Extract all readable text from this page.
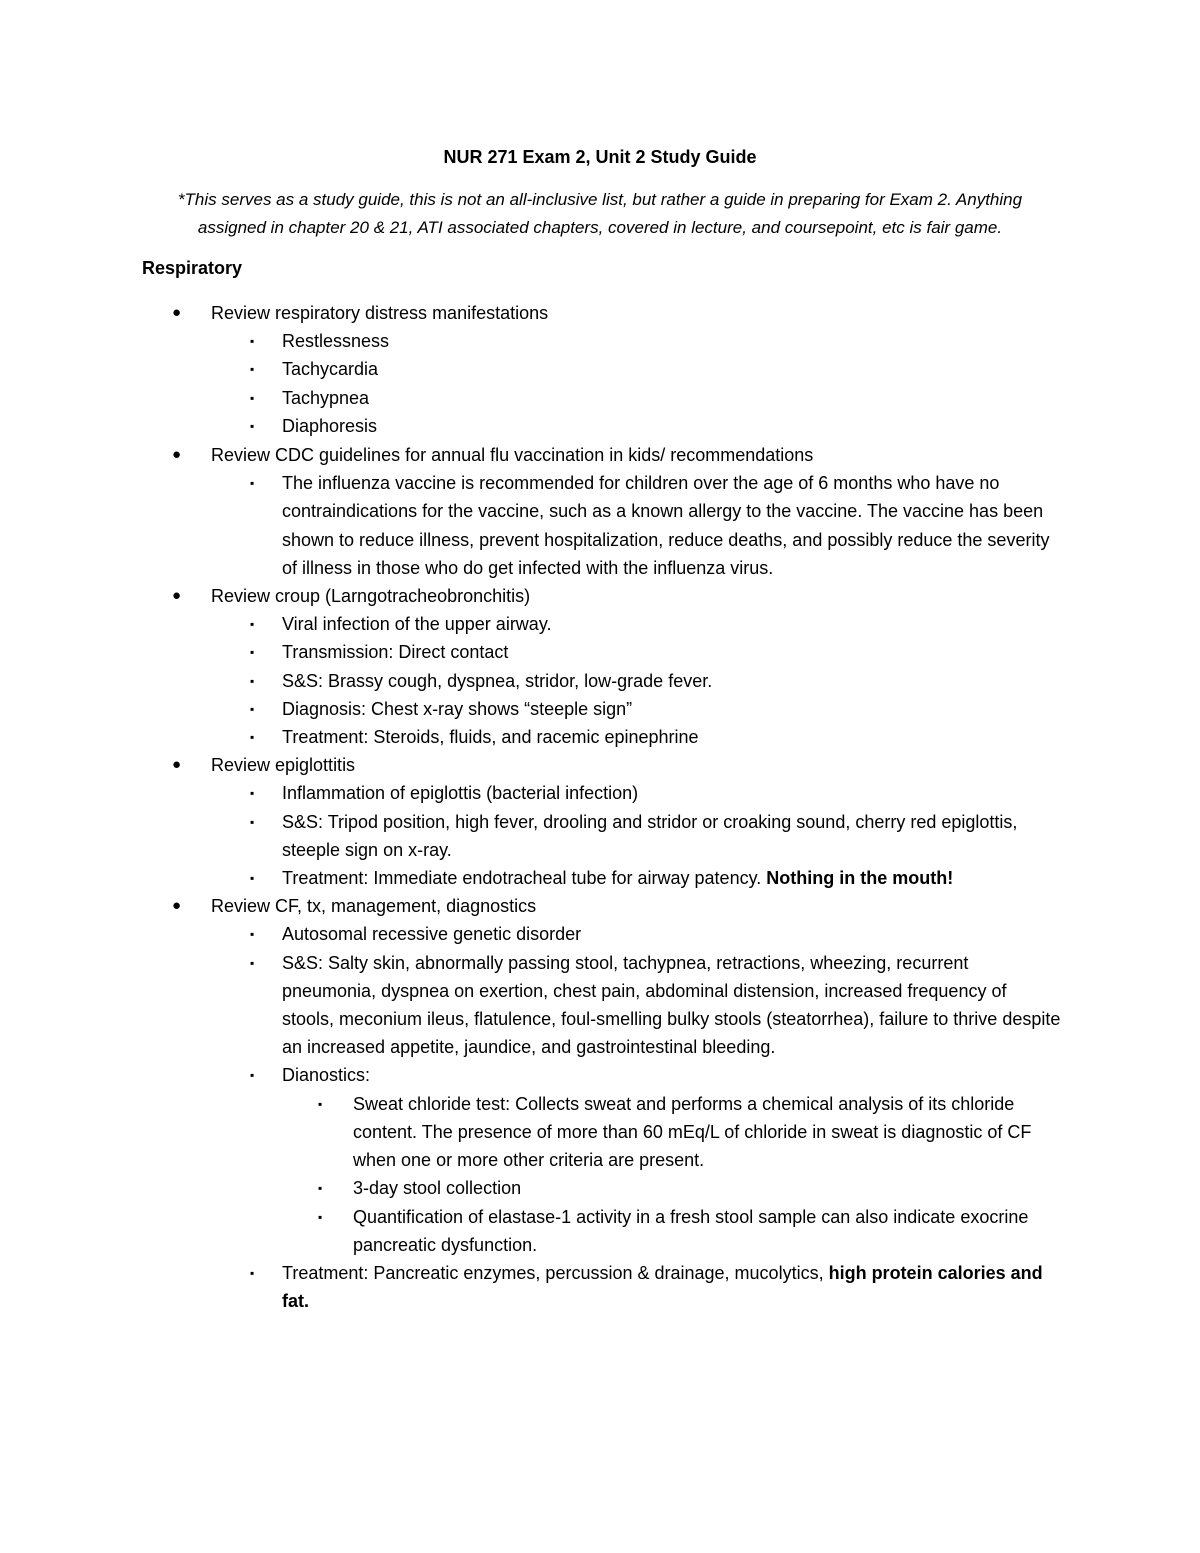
NUR 271 Exam 2, Unit 2 Study Guide
*This serves as a study guide, this is not an all-inclusive list, but rather a guide in preparing for Exam 2. Anything assigned in chapter 20 & 21, ATI associated chapters, covered in lecture, and coursepoint, etc is fair game.
Respiratory
● Review respiratory distress manifestations
▪ Restlessness
▪ Tachycardia
▪ Tachypnea
▪ Diaphoresis
● Review CDC guidelines for annual flu vaccination in kids/ recommendations
▪ The influenza vaccine is recommended for children over the age of 6 months who have no contraindications for the vaccine, such as a known allergy to the vaccine. The vaccine has been shown to reduce illness, prevent hospitalization, reduce deaths, and possibly reduce the severity of illness in those who do get infected with the influenza virus.
● Review croup (Larngotracheobronchitis)
▪ Viral infection of the upper airway.
▪ Transmission: Direct contact
▪ S&S: Brassy cough, dyspnea, stridor, low-grade fever.
▪ Diagnosis: Chest x-ray shows “steeple sign”
▪ Treatment: Steroids, fluids, and racemic epinephrine
● Review epiglottitis
▪ Inflammation of epiglottis (bacterial infection)
▪ S&S: Tripod position, high fever, drooling and stridor or croaking sound, cherry red epiglottis, steeple sign on x-ray.
▪ Treatment: Immediate endotracheal tube for airway patency. Nothing in the mouth!
● Review CF, tx, management, diagnostics
▪ Autosomal recessive genetic disorder
▪ S&S: Salty skin, abnormally passing stool, tachypnea, retractions, wheezing, recurrent pneumonia, dyspnea on exertion, chest pain, abdominal distension, increased frequency of stools, meconium ileus, flatulence, foul-smelling bulky stools (steatorrhea), failure to thrive despite an increased appetite, jaundice, and gastrointestinal bleeding.
▪ Dianostics:
▪ Sweat chloride test: Collects sweat and performs a chemical analysis of its chloride content. The presence of more than 60 mEq/L of chloride in sweat is diagnostic of CF when one or more other criteria are present.
▪ 3-day stool collection
▪ Quantification of elastase-1 activity in a fresh stool sample can also indicate exocrine pancreatic dysfunction.
▪ Treatment: Pancreatic enzymes, percussion & drainage, mucolytics, high protein calories and fat.
